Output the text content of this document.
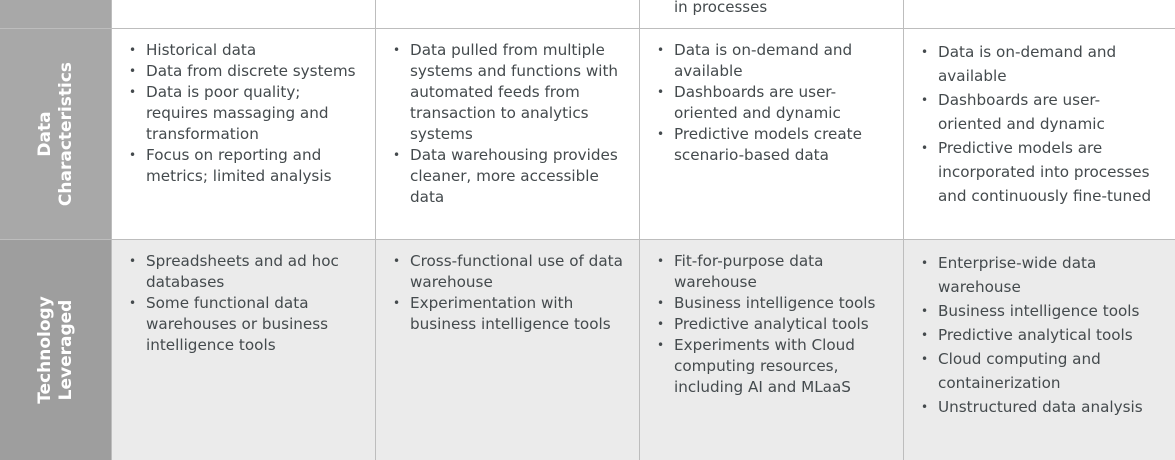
in processes
Data Characteristics
• Historical data
• Data from discrete systems
• Data is poor quality; requires massaging and transformation
• Focus on reporting and metrics; limited analysis
• Data pulled from multiple systems and functions with automated feeds from transaction to analytics systems
• Data warehousing provides cleaner, more accessible data
• Data is on-demand and available
• Dashboards are user-oriented and dynamic
• Predictive models create scenario-based data
• Data is on-demand and available
• Dashboards are user-oriented and dynamic
• Predictive models are incorporated into processes and continuously fine-tuned
Technology Leveraged
• Spreadsheets and ad hoc databases
• Some functional data warehouses or business intelligence tools
• Cross-functional use of data warehouse
• Experimentation with business intelligence tools
• Fit-for-purpose data warehouse
• Business intelligence tools
• Predictive analytical tools
• Experiments with Cloud computing resources, including AI and MLaaS
• Enterprise-wide data warehouse
• Business intelligence tools
• Predictive analytical tools
• Cloud computing and containerization
• Unstructured data analysis
